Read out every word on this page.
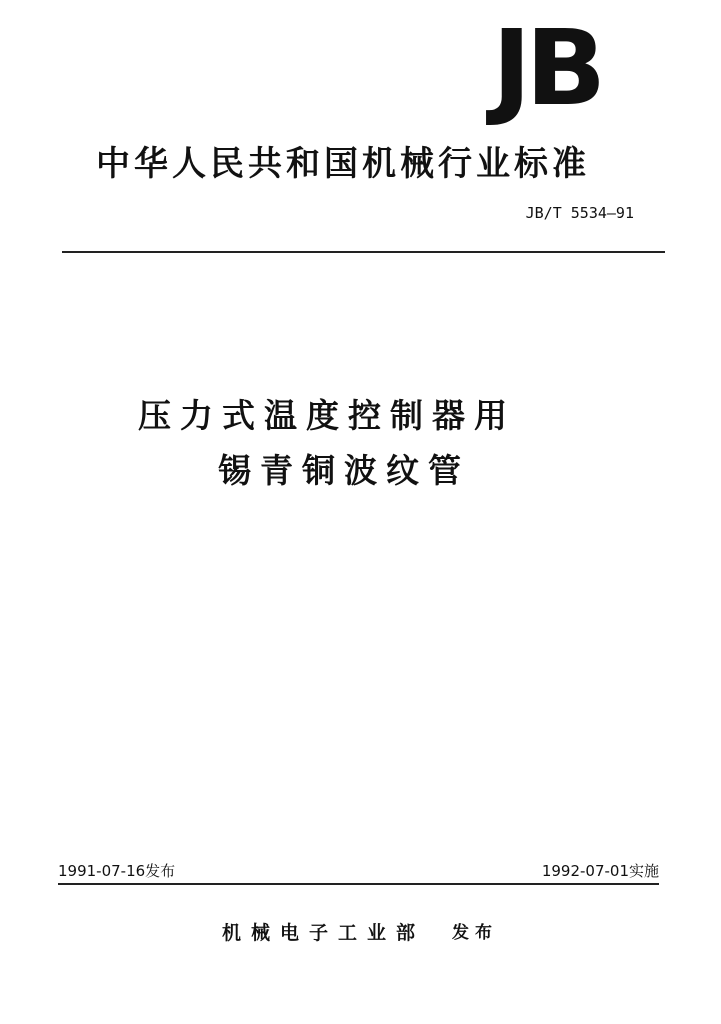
JB
中华人民共和国机械行业标准
JB/T 5534—91
压力式温度控制器用
锡青铜波纹管
1991-07-16发布	1992-07-01实施
机械电子工业部 发布
